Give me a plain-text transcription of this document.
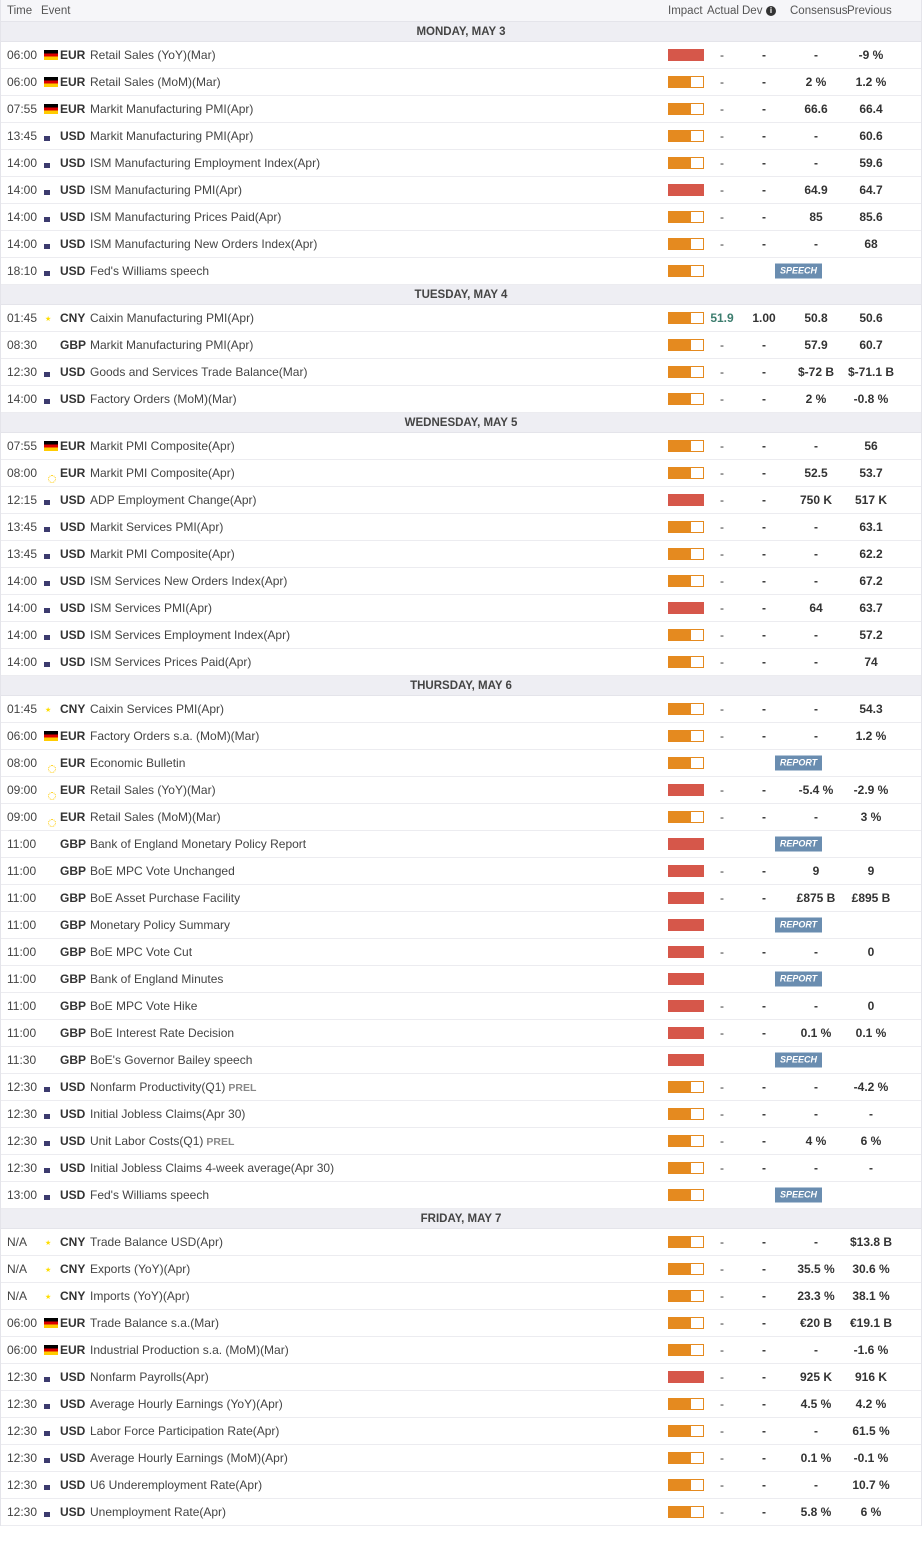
Time Event	Impact Actual Dev i	Consensus Previous
MONDAY, MAY 3
06:00 EUR Retail Sales (YoY)(Mar)	-	-	-	-9 %
06:00 EUR Retail Sales (MoM)(Mar)	-	-	2 %	1.2 %
07:55 EUR Markit Manufacturing PMI(Apr)	-	-	66.6	66.4
13:45 USD Markit Manufacturing PMI(Apr)	-	-	-	60.6
14:00 USD ISM Manufacturing Employment Index(Apr)	-	-	-	59.6
14:00 USD ISM Manufacturing PMI(Apr)	-	-	64.9	64.7
14:00 USD ISM Manufacturing Prices Paid(Apr)	-	-	85	85.6
14:00 USD ISM Manufacturing New Orders Index(Apr)	-	-	-	68
18:10 USD Fed's Williams speech	SPEECH
TUESDAY, MAY 4
01:45 CNY Caixin Manufacturing PMI(Apr)	51.9	1.00	50.8	50.6
08:30 GBP Markit Manufacturing PMI(Apr)	-	-	57.9	60.7
12:30 USD Goods and Services Trade Balance(Mar)	-	-	$-72 B	$-71.1 B
14:00 USD Factory Orders (MoM)(Mar)	-	-	2 %	-0.8 %
WEDNESDAY, MAY 5
07:55 EUR Markit PMI Composite(Apr)	-	-	-	56
08:00 EUR Markit PMI Composite(Apr)	-	-	52.5	53.7
12:15 USD ADP Employment Change(Apr)	-	-	750 K	517 K
13:45 USD Markit Services PMI(Apr)	-	-	-	63.1
13:45 USD Markit PMI Composite(Apr)	-	-	-	62.2
14:00 USD ISM Services New Orders Index(Apr)	-	-	-	67.2
14:00 USD ISM Services PMI(Apr)	-	-	64	63.7
14:00 USD ISM Services Employment Index(Apr)	-	-	-	57.2
14:00 USD ISM Services Prices Paid(Apr)	-	-	-	74
THURSDAY, MAY 6
01:45 CNY Caixin Services PMI(Apr)	-	-	-	54.3
06:00 EUR Factory Orders s.a. (MoM)(Mar)	-	-	-	1.2 %
08:00 EUR Economic Bulletin	REPORT
09:00 EUR Retail Sales (YoY)(Mar)	-	-	-5.4 %	-2.9 %
09:00 EUR Retail Sales (MoM)(Mar)	-	-	-	3 %
11:00 GBP Bank of England Monetary Policy Report	REPORT
11:00 GBP BoE MPC Vote Unchanged	-	-	9	9
11:00 GBP BoE Asset Purchase Facility	-	-	£875 B	£895 B
11:00 GBP Monetary Policy Summary	REPORT
11:00 GBP BoE MPC Vote Cut	-	-	-	0
11:00 GBP Bank of England Minutes	REPORT
11:00 GBP BoE MPC Vote Hike	-	-	-	0
11:00 GBP BoE Interest Rate Decision	-	-	0.1 %	0.1 %
11:30 GBP BoE's Governor Bailey speech	SPEECH
12:30 USD Nonfarm Productivity(Q1) PREL	-	-	-	-4.2 %
12:30 USD Initial Jobless Claims(Apr 30)	-	-	-	-
12:30 USD Unit Labor Costs(Q1) PREL	-	-	4 %	6 %
12:30 USD Initial Jobless Claims 4-week average(Apr 30)	-	-	-	-
13:00 USD Fed's Williams speech	SPEECH
FRIDAY, MAY 7
N/A	CNY Trade Balance USD(Apr)	-	-	-	$13.8 B
N/A	CNY Exports (YoY)(Apr)	-	-	35.5 %	30.6 %
N/A	CNY Imports (YoY)(Apr)	-	-	23.3 %	38.1 %
06:00 EUR Trade Balance s.a.(Mar)	-	-	€20 B	€19.1 B
06:00 EUR Industrial Production s.a. (MoM)(Mar)	-	-	-	-1.6 %
12:30 USD Nonfarm Payrolls(Apr)	-	-	925 K	916 K
12:30 USD Average Hourly Earnings (YoY)(Apr)	-	-	4.5 %	4.2 %
12:30 USD Labor Force Participation Rate(Apr)	-	-	-	61.5 %
12:30 USD Average Hourly Earnings (MoM)(Apr)	-	-	0.1 %	-0.1 %
12:30 USD U6 Underemployment Rate(Apr)	-	-	-	10.7 %
12:30 USD Unemployment Rate(Apr)	-	-	5.8 %	6 %
